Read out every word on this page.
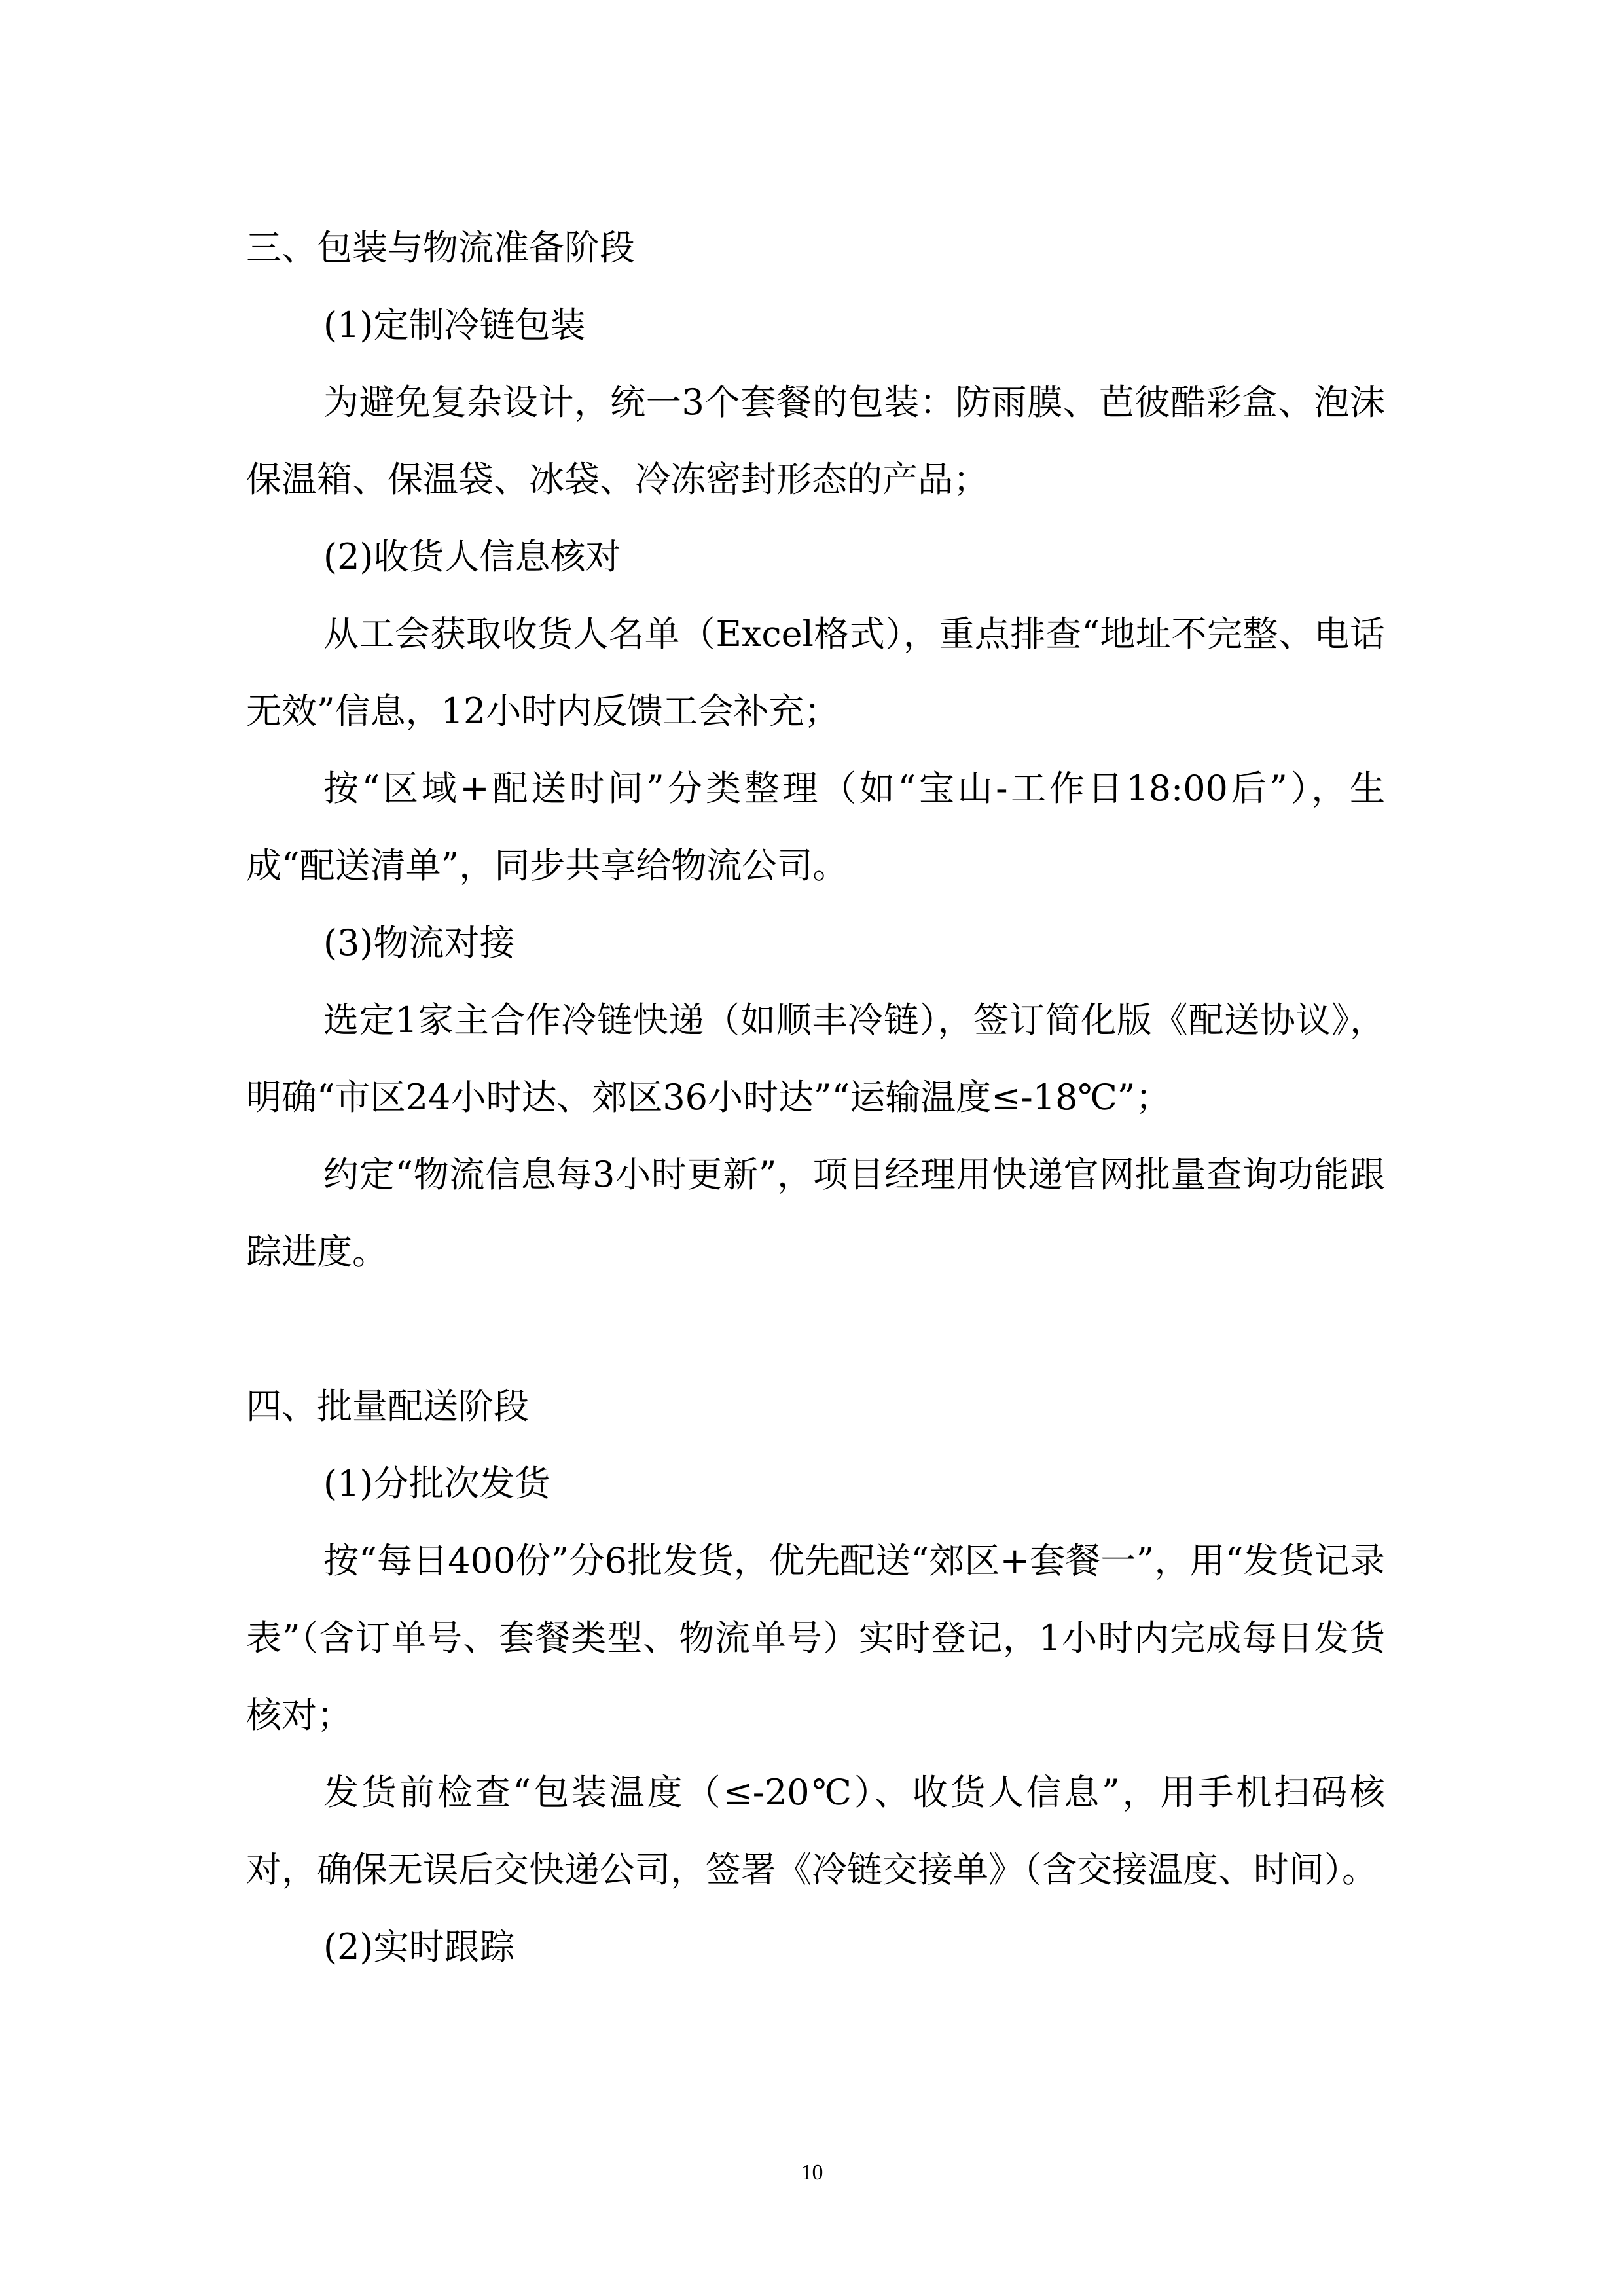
三、包装与物流准备阶段
(1)定制冷链包装

为避免复杂设计，统一3个套餐的包装：防雨膜、芭彼酷彩盒、泡沫保温箱、保温袋、冰袋、冷冻密封形态的产品；

(2)收货人信息核对

从工会获取收货人名单（Excel格式），重点排查“地址不完整、电话无效”信息，12小时内反馈工会补充；

按“区域+配送时间”分类整理（如“宝山-工作日18:00后”），生成“配送清单”，同步共享给物流公司。

(3)物流对接

选定1家主合作冷链快递（如顺丰冷链），签订简化版《配送协议》，明确“市区24小时达、郊区36小时达”“运输温度≤-18℃”；

约定“物流信息每3小时更新”，项目经理用快递官网批量查询功能跟踪进度。

四、批量配送阶段
(1)分批次发货

按“每日400份”分6批发货，优先配送“郊区+套餐一”，用“发货记录表”（含订单号、套餐类型、物流单号）实时登记，1小时内完成每日发货核对；

发货前检查“包装温度（≤-20℃）、收货人信息”，用手机扫码核对，确保无误后交快递公司，签署《冷链交接单》（含交接温度、时间）。

(2)实时跟踪
10
